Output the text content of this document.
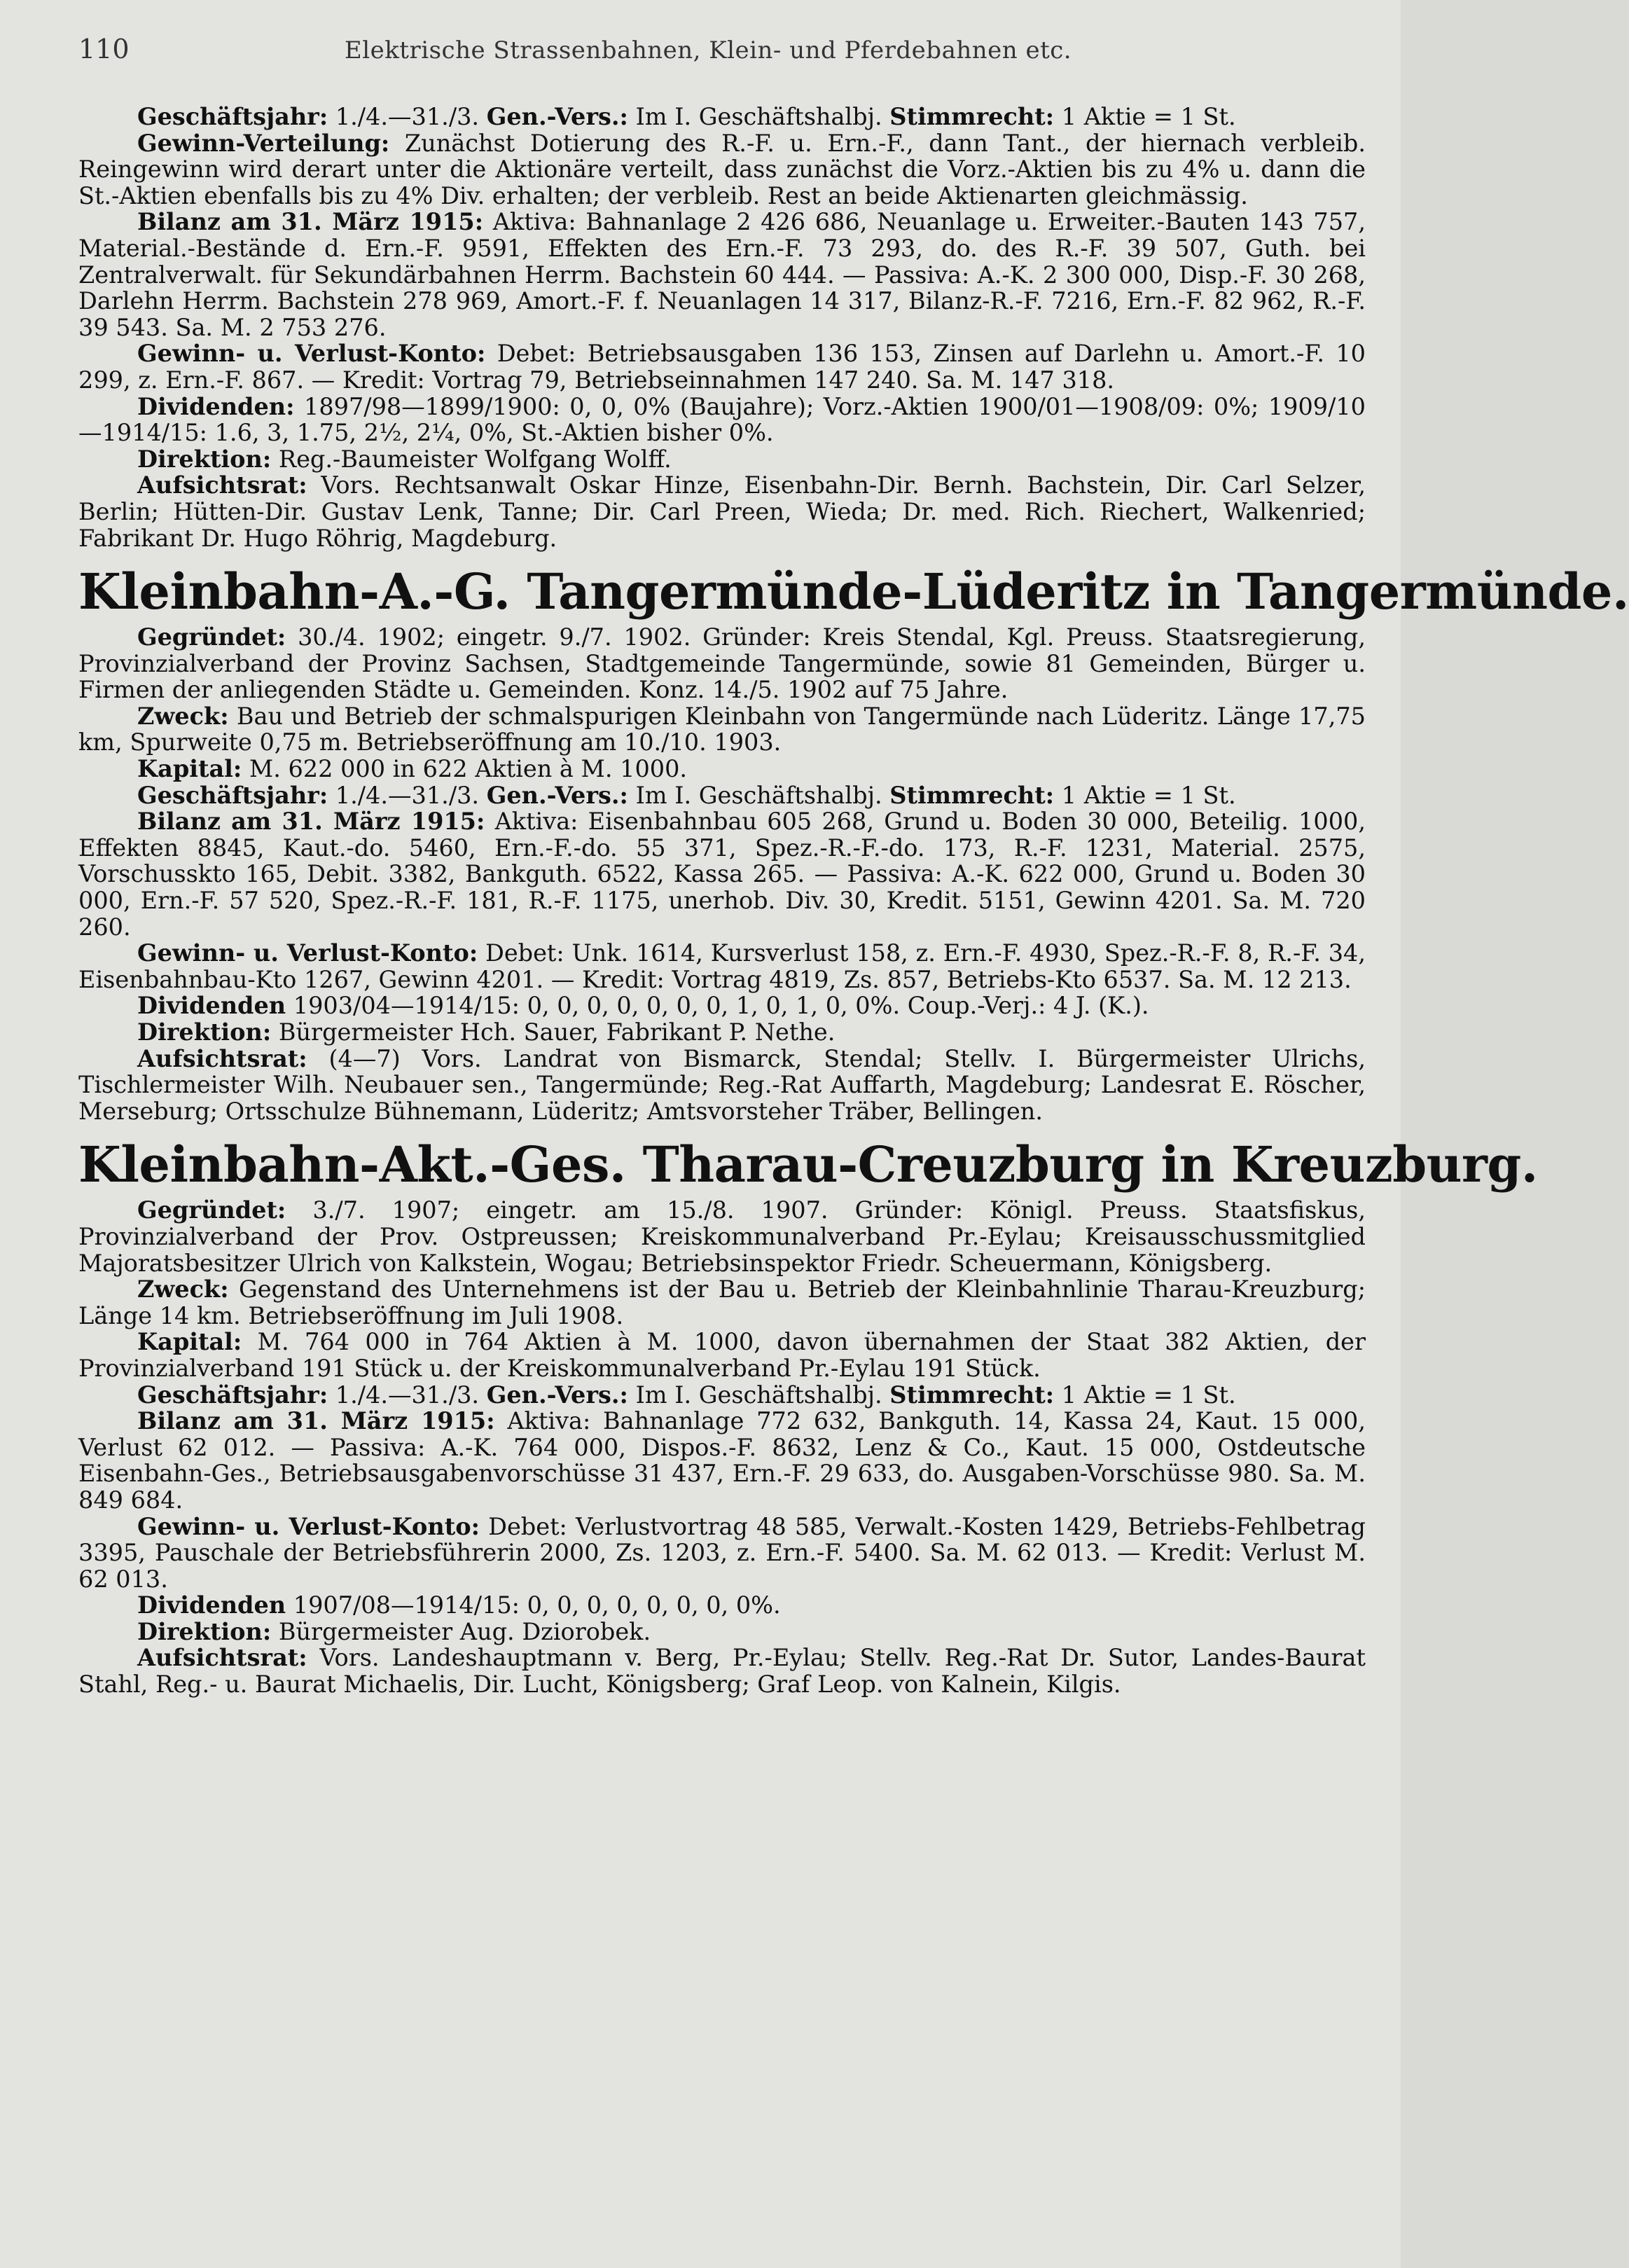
110	Elektrische Strassenbahnen, Klein- und Pferdebahnen etc.

Geschäftsjahr: 1./4.—31./3. Gen.-Vers.: Im I. Geschäftshalbj. Stimmrecht: 1 Aktie = 1 St.

Gewinn-Verteilung: Zunächst Dotierung des R.-F. u. Ern.-F., dann Tant., der hiernach verbleib. Reingewinn wird derart unter die Aktionäre verteilt, dass zunächst die Vorz.-Aktien bis zu 4% u. dann die St.-Aktien ebenfalls bis zu 4% Div. erhalten; der verbleib. Rest an beide Aktienarten gleichmässig.

Bilanz am 31. März 1915: Aktiva: Bahnanlage 2 426 686, Neuanlage u. Erweiter.-Bauten 143 757, Material.-Bestände d. Ern.-F. 9591, Effekten des Ern.-F. 73 293, do. des R.-F. 39 507, Guth. bei Zentralverwalt. für Sekundärbahnen Herrm. Bachstein 60 444. — Passiva: A.-K. 2 300 000, Disp.-F. 30 268, Darlehn Herrm. Bachstein 278 969, Amort.-F. f. Neuanlagen 14 317, Bilanz-R.-F. 7216, Ern.-F. 82 962, R.-F. 39 543. Sa. M. 2 753 276.

Gewinn- u. Verlust-Konto: Debet: Betriebsausgaben 136 153, Zinsen auf Darlehn u. Amort.-F. 10 299, z. Ern.-F. 867. — Kredit: Vortrag 79, Betriebseinnahmen 147 240. Sa. M. 147 318.

Dividenden: 1897/98—1899/1900: 0, 0, 0% (Baujahre); Vorz.-Aktien 1900/01—1908/09: 0%; 1909/10—1914/15: 1.6, 3, 1.75, 2½, 2¼, 0%, St.-Aktien bisher 0%.

Direktion: Reg.-Baumeister Wolfgang Wolff.

Aufsichtsrat: Vors. Rechtsanwalt Oskar Hinze, Eisenbahn-Dir. Bernh. Bachstein, Dir. Carl Selzer, Berlin; Hütten-Dir. Gustav Lenk, Tanne; Dir. Carl Preen, Wieda; Dr. med. Rich. Riechert, Walkenried; Fabrikant Dr. Hugo Röhrig, Magdeburg.

Kleinbahn-A.-G. Tangermünde-Lüderitz in Tangermünde.

Gegründet: 30./4. 1902; eingetr. 9./7. 1902. Gründer: Kreis Stendal, Kgl. Preuss. Staatsregierung, Provinzialverband der Provinz Sachsen, Stadtgemeinde Tangermünde, sowie 81 Gemeinden, Bürger u. Firmen der anliegenden Städte u. Gemeinden. Konz. 14./5. 1902 auf 75 Jahre.

Zweck: Bau und Betrieb der schmalspurigen Kleinbahn von Tangermünde nach Lüderitz. Länge 17,75 km, Spurweite 0,75 m. Betriebseröffnung am 10./10. 1903.

Kapital: M. 622 000 in 622 Aktien à M. 1000.

Geschäftsjahr: 1./4.—31./3. Gen.-Vers.: Im I. Geschäftshalbj. Stimmrecht: 1 Aktie = 1 St.

Bilanz am 31. März 1915: Aktiva: Eisenbahnbau 605 268, Grund u. Boden 30 000, Beteilig. 1000, Effekten 8845, Kaut.-do. 5460, Ern.-F.-do. 55 371, Spez.-R.-F.-do. 173, R.-F. 1231, Material. 2575, Vorschusskto 165, Debit. 3382, Bankguth. 6522, Kassa 265. — Passiva: A.-K. 622 000, Grund u. Boden 30 000, Ern.-F. 57 520, Spez.-R.-F. 181, R.-F. 1175, unerhob. Div. 30, Kredit. 5151, Gewinn 4201. Sa. M. 720 260.

Gewinn- u. Verlust-Konto: Debet: Unk. 1614, Kursverlust 158, z. Ern.-F. 4930, Spez.-R.-F. 8, R.-F. 34, Eisenbahnbau-Kto 1267, Gewinn 4201. — Kredit: Vortrag 4819, Zs. 857, Betriebs-Kto 6537. Sa. M. 12 213.

Dividenden 1903/04—1914/15: 0, 0, 0, 0, 0, 0, 0, 1, 0, 1, 0, 0%. Coup.-Verj.: 4 J. (K.).

Direktion: Bürgermeister Hch. Sauer, Fabrikant P. Nethe.

Aufsichtsrat: (4—7) Vors. Landrat von Bismarck, Stendal; Stellv. I. Bürgermeister Ulrichs, Tischlermeister Wilh. Neubauer sen., Tangermünde; Reg.-Rat Auffarth, Magdeburg; Landesrat E. Röscher, Merseburg; Ortsschulze Bühnemann, Lüderitz; Amtsvorsteher Träber, Bellingen.

Kleinbahn-Akt.-Ges. Tharau-Creuzburg in Kreuzburg.

Gegründet: 3./7. 1907; eingetr. am 15./8. 1907. Gründer: Königl. Preuss. Staatsfiskus, Provinzialverband der Prov. Ostpreussen; Kreiskommunalverband Pr.-Eylau; Kreisausschussmitglied Majoratsbesitzer Ulrich von Kalkstein, Wogau; Betriebsinspektor Friedr. Scheuermann, Königsberg.

Zweck: Gegenstand des Unternehmens ist der Bau u. Betrieb der Kleinbahnlinie Tharau-Kreuzburg; Länge 14 km. Betriebseröffnung im Juli 1908.

Kapital: M. 764 000 in 764 Aktien à M. 1000, davon übernahmen der Staat 382 Aktien, der Provinzialverband 191 Stück u. der Kreiskommunalverband Pr.-Eylau 191 Stück.

Geschäftsjahr: 1./4.—31./3. Gen.-Vers.: Im I. Geschäftshalbj. Stimmrecht: 1 Aktie = 1 St.

Bilanz am 31. März 1915: Aktiva: Bahnanlage 772 632, Bankguth. 14, Kassa 24, Kaut. 15 000, Verlust 62 012. — Passiva: A.-K. 764 000, Dispos.-F. 8632, Lenz & Co., Kaut. 15 000, Ostdeutsche Eisenbahn-Ges., Betriebsausgabenvorschüsse 31 437, Ern.-F. 29 633, do. Ausgaben-Vorschüsse 980. Sa. M. 849 684.

Gewinn- u. Verlust-Konto: Debet: Verlustvortrag 48 585, Verwalt.-Kosten 1429, Betriebs-Fehlbetrag 3395, Pauschale der Betriebsführerin 2000, Zs. 1203, z. Ern.-F. 5400. Sa. M. 62 013. — Kredit: Verlust M. 62 013.

Dividenden 1907/08—1914/15: 0, 0, 0, 0, 0, 0, 0, 0%.

Direktion: Bürgermeister Aug. Dziorobek.

Aufsichtsrat: Vors. Landeshauptmann v. Berg, Pr.-Eylau; Stellv. Reg.-Rat Dr. Sutor, Landes-Baurat Stahl, Reg.- u. Baurat Michaelis, Dir. Lucht, Königsberg; Graf Leop. von Kalnein, Kilgis.
